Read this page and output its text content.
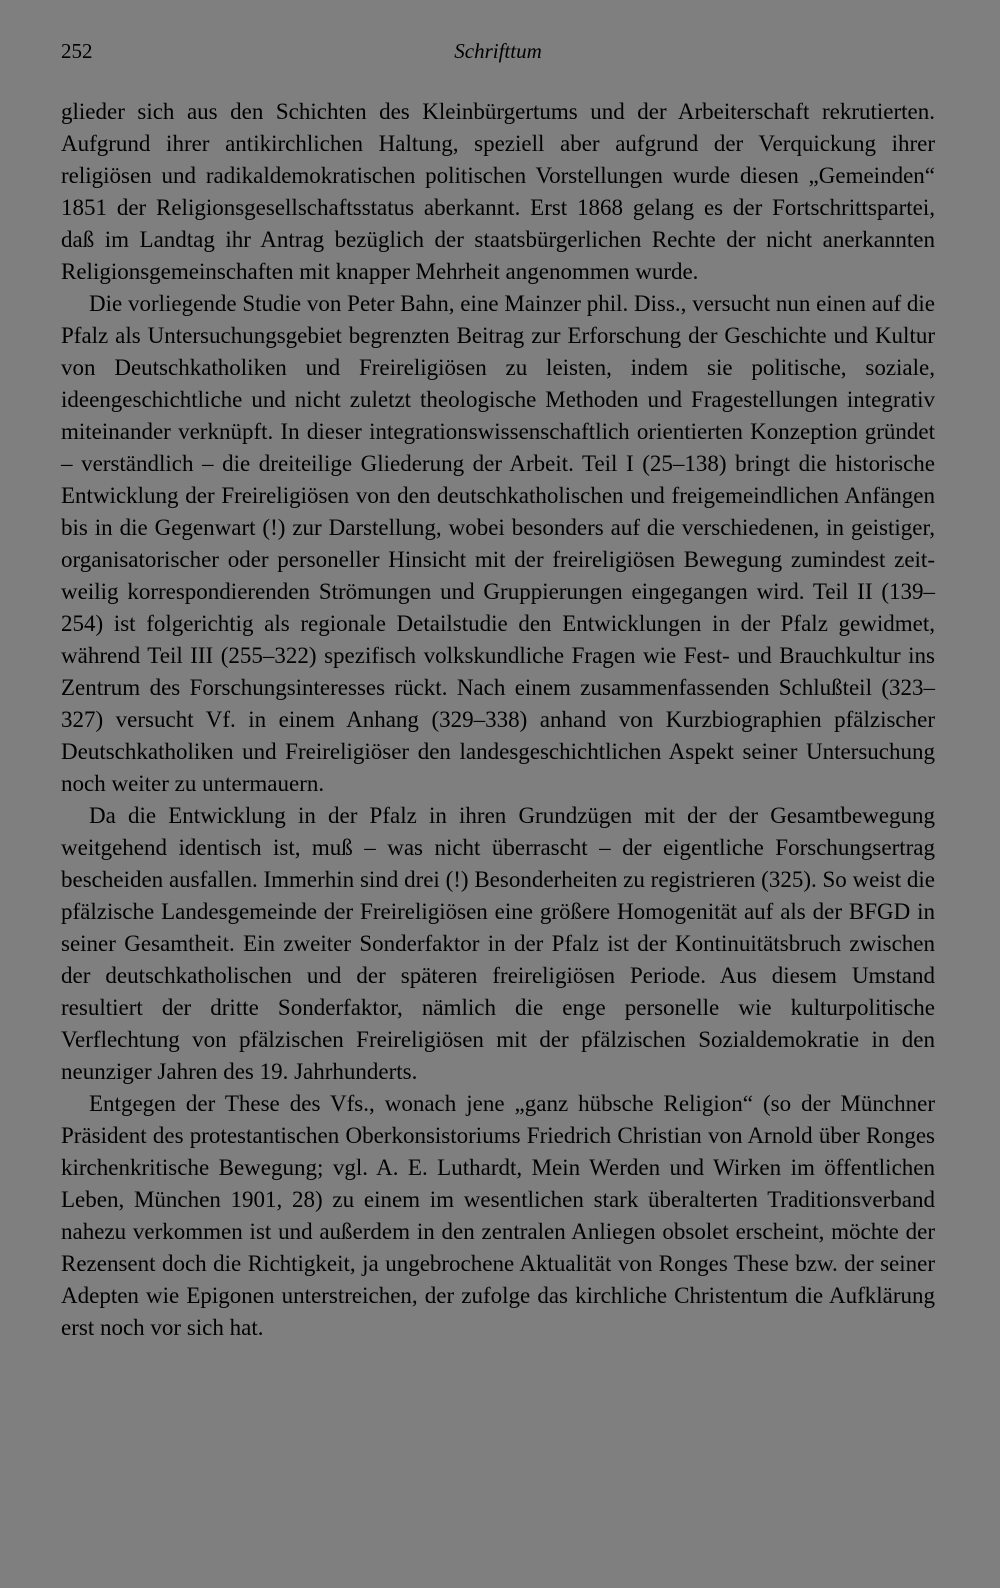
252	Schrifttum

glieder sich aus den Schichten des Kleinbürgertums und der Arbeiterschaft rekrutierten. Aufgrund ihrer antikirchlichen Haltung, speziell aber aufgrund der Verquickung ihrer religiösen und radikaldemokratischen politischen Vorstellungen wurde diesen „Gemeinden“ 1851 der Religionsgesellschaftsstatus aberkannt. Erst 1868 gelang es der Fortschrittspartei, daß im Landtag ihr Antrag bezüglich der staatsbürgerlichen Rechte der nicht anerkannten Religionsgemeinschaften mit knapper Mehrheit angenommen wurde.

Die vorliegende Studie von Peter Bahn, eine Mainzer phil. Diss., versucht nun einen auf die Pfalz als Untersuchungsgebiet begrenzten Beitrag zur Erforschung der Geschichte und Kultur von Deutschkatholiken und Freireligiösen zu leisten, indem sie politische, soziale, ideengeschichtliche und nicht zuletzt theologische Methoden und Fragestellungen integrativ miteinander verknüpft. In dieser integrationswissenschaftlich orientierten Konzeption gründet – verständlich – die dreiteilige Gliederung der Arbeit. Teil I (25–138) bringt die historische Entwicklung der Freireligiösen von den deutschkatholischen und freigemeindlichen Anfängen bis in die Gegenwart (!) zur Darstellung, wobei besonders auf die verschiedenen, in geistiger, organisatorischer oder personeller Hinsicht mit der freireligiösen Bewegung zumindest zeitweilig korrespondierenden Strömungen und Gruppierungen eingegangen wird. Teil II (139–254) ist folgerichtig als regionale Detailstudie den Entwicklungen in der Pfalz gewidmet, während Teil III (255–322) spezifisch volkskundliche Fragen wie Fest- und Brauchkultur ins Zentrum des Forschungsinteresses rückt. Nach einem zusammenfassenden Schlußteil (323–327) versucht Vf. in einem Anhang (329–338) anhand von Kurzbiographien pfälzischer Deutschkatholiken und Freireligiöser den landesgeschichtlichen Aspekt seiner Untersuchung noch weiter zu untermauern.

Da die Entwicklung in der Pfalz in ihren Grundzügen mit der der Gesamtbewegung weitgehend identisch ist, muß – was nicht überrascht – der eigentliche Forschungsertrag bescheiden ausfallen. Immerhin sind drei (!) Besonderheiten zu registrieren (325). So weist die pfälzische Landesgemeinde der Freireligiösen eine größere Homogenität auf als der BFGD in seiner Gesamtheit. Ein zweiter Sonderfaktor in der Pfalz ist der Kontinuitätsbruch zwischen der deutschkatholischen und der späteren freireligiösen Periode. Aus diesem Umstand resultiert der dritte Sonderfaktor, nämlich die enge personelle wie kulturpolitische Verflechtung von pfälzischen Freireligiösen mit der pfälzischen Sozialdemokratie in den neunziger Jahren des 19. Jahrhunderts.

Entgegen der These des Vfs., wonach jene „ganz hübsche Religion“ (so der Münchner Präsident des protestantischen Oberkonsistoriums Friedrich Christian von Arnold über Ronges kirchenkritische Bewegung; vgl. A. E. Luthardt, Mein Werden und Wirken im öffentlichen Leben, München 1901, 28) zu einem im wesentlichen stark überalterten Traditionsverband nahezu verkommen ist und außerdem in den zentralen Anliegen obsolet erscheint, möchte der Rezensent doch die Richtigkeit, ja ungebrochene Aktualität von Ronges These bzw. der seiner Adepten wie Epigonen unterstreichen, der zufolge das kirchliche Christentum die Aufklärung erst noch vor sich hat.
